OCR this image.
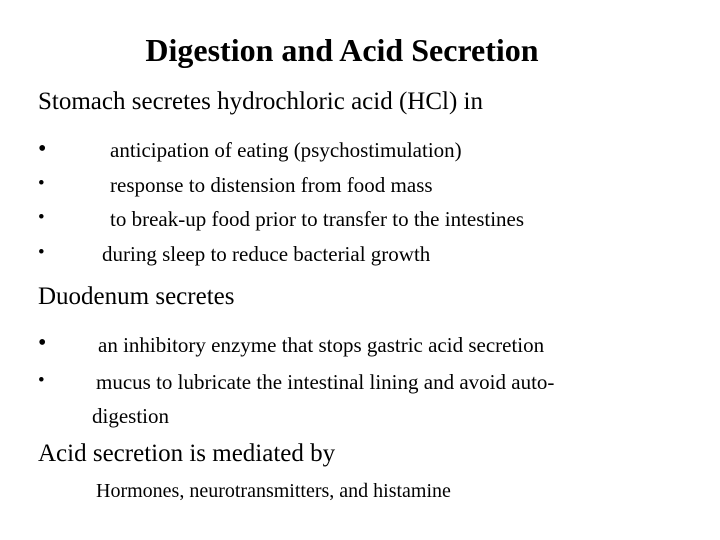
Digestion and Acid Secretion
Stomach secretes hydrochloric acid (HCl) in
•	anticipation of eating (psychostimulation)
•	response to distension from food mass
•	to break-up food prior to transfer to the intestines
•	during sleep to reduce bacterial growth
Duodenum secretes
• an inhibitory enzyme that stops gastric acid secretion
• mucus to lubricate the intestinal lining and avoid auto-
digestion
Acid secretion is mediated by
Hormones, neurotransmitters, and histamine
